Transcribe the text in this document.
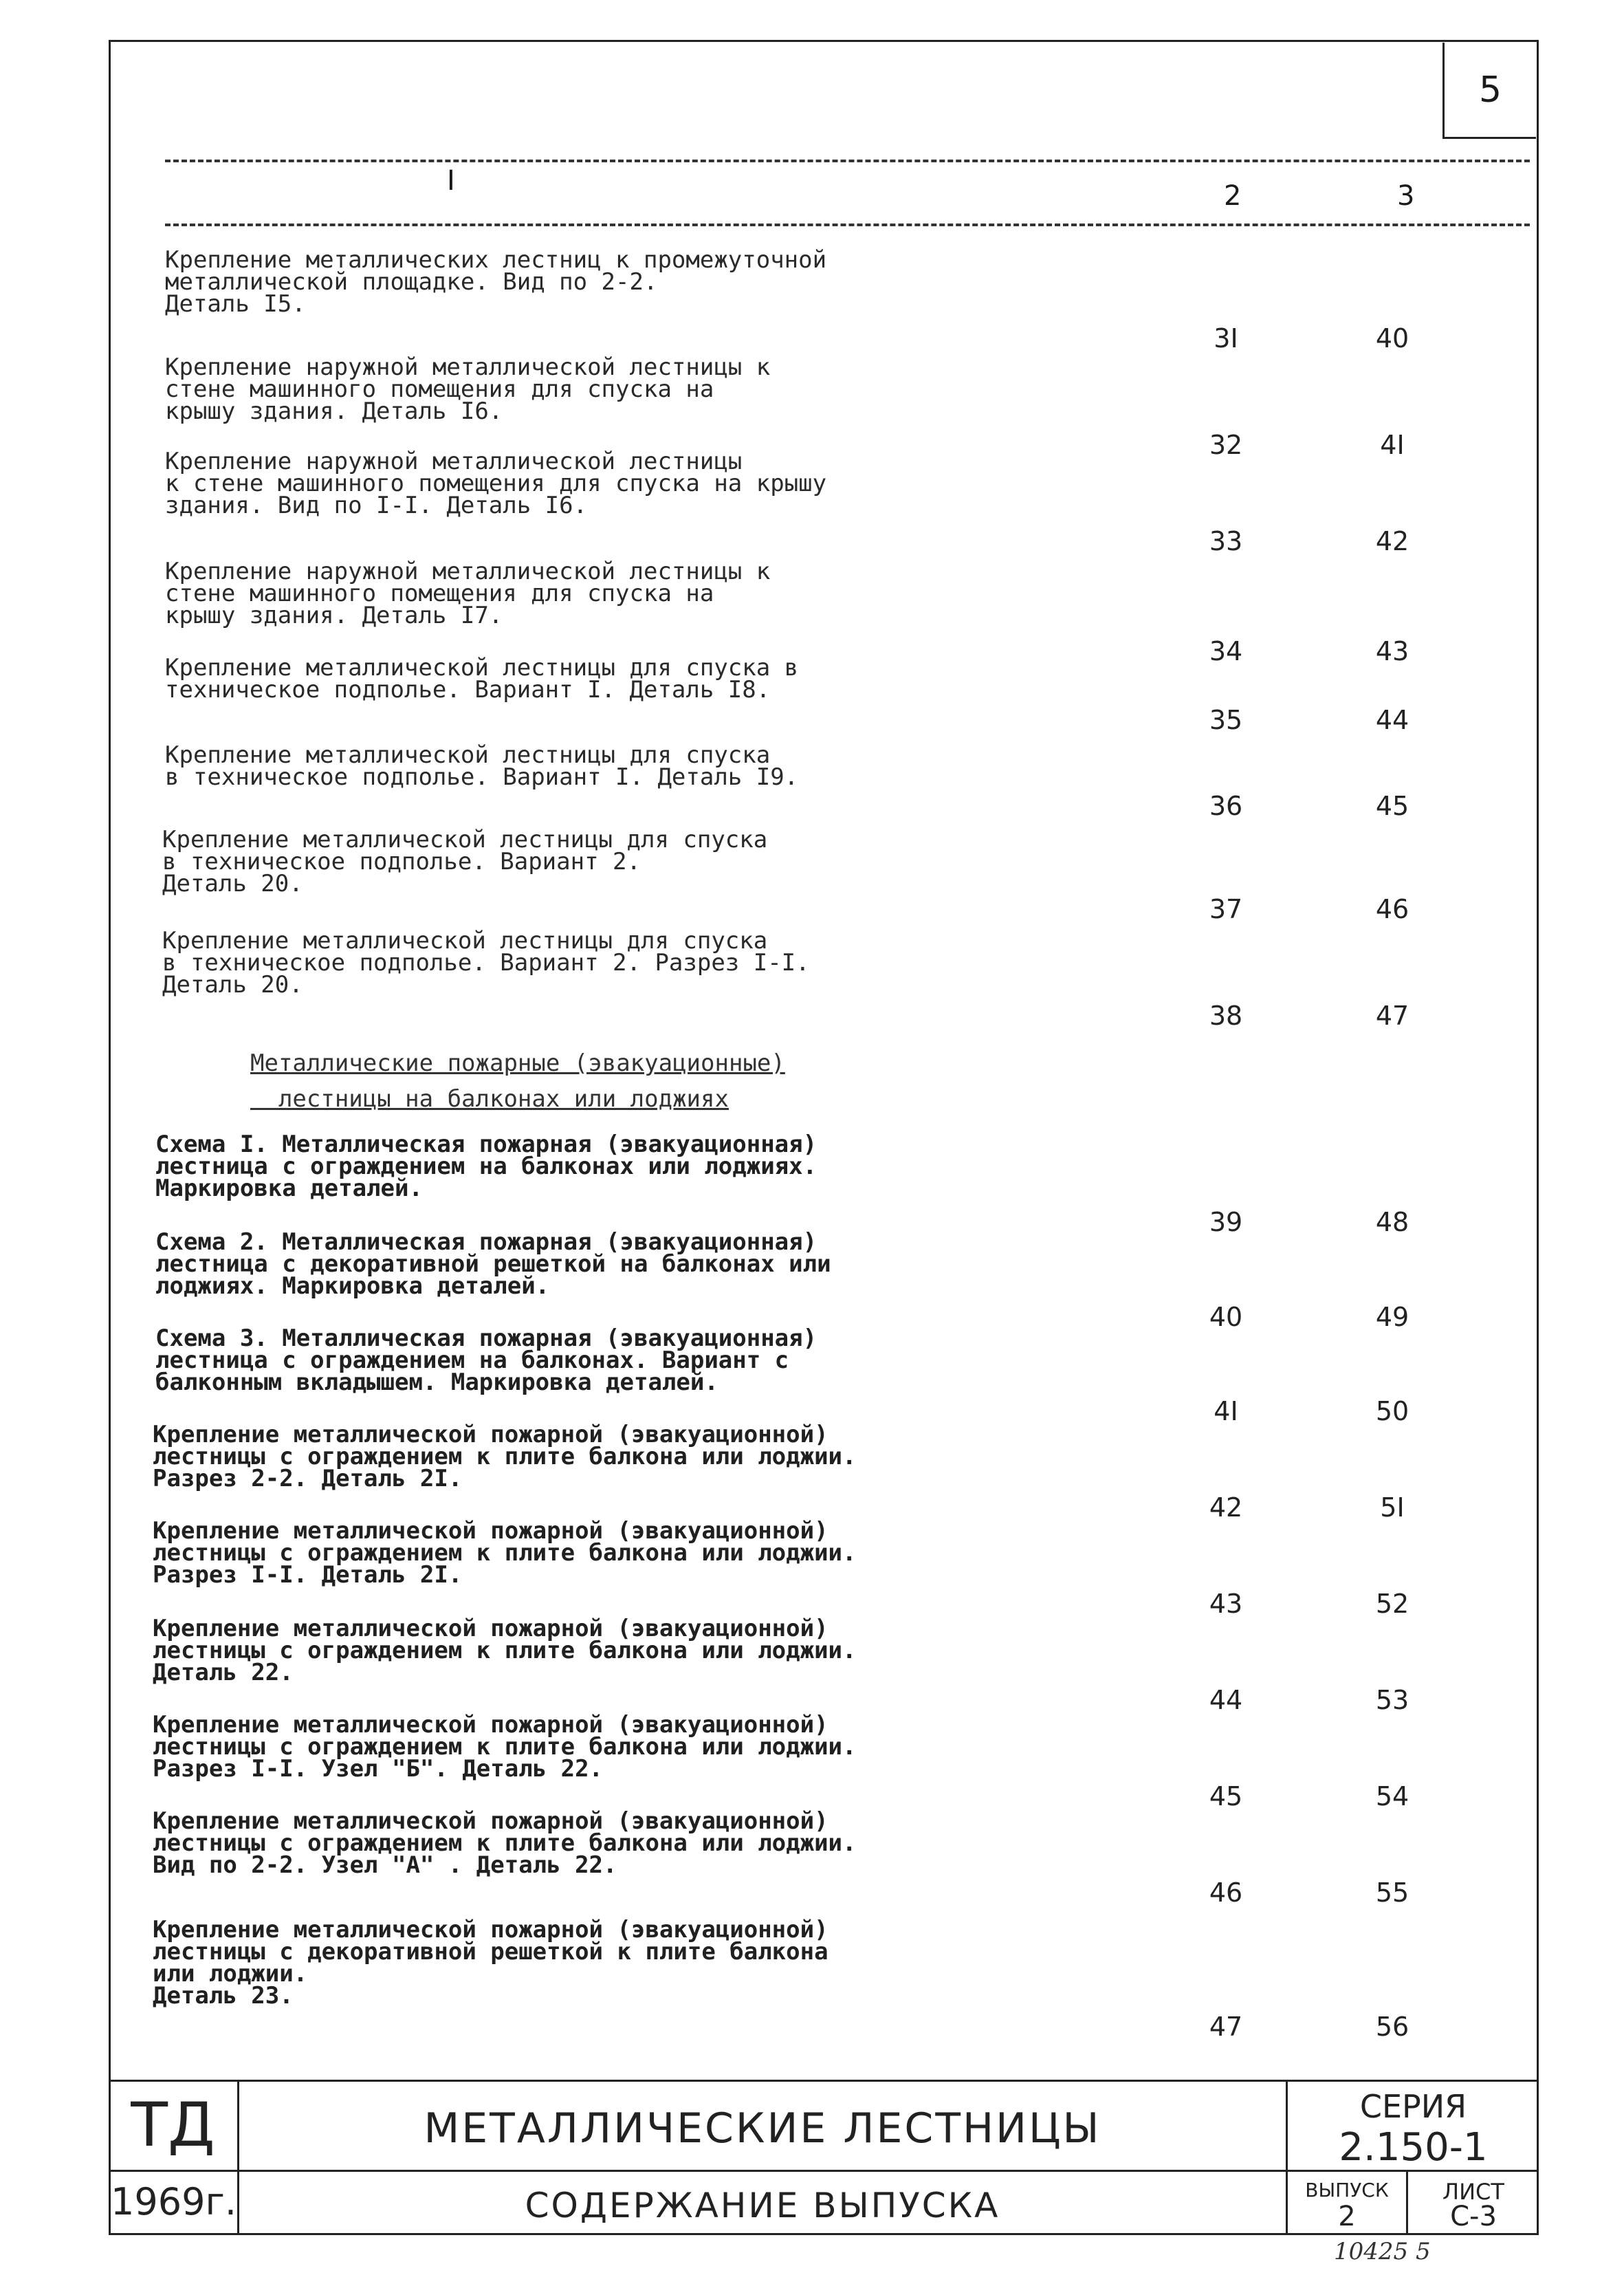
5
I	2	3
Крепление металлических лестниц к промежуточной
металлической площадке. Вид по 2-2.
Деталь I5.
3I	40
Крепление наружной металлической лестницы к
стене машинного помещения для спуска на
крышу здания. Деталь I6.
32	4I
Крепление наружной металлической лестницы
к стене машинного помещения для спуска на крышу
здания. Вид по I-I. Деталь I6.
33	42
Крепление наружной металлической лестницы к
стене машинного помещения для спуска на
крышу здания. Деталь I7.
34	43
Крепление металлической лестницы для спуска в
техническое подполье. Вариант I. Деталь I8.
35	44
Крепление металлической лестницы для спуска
в техническое подполье. Вариант I. Деталь I9.
36	45
Крепление металлической лестницы для спуска
в техническое подполье. Вариант 2.
Деталь 20.
37	46
Крепление металлической лестницы для спуска
в техническое подполье. Вариант 2. Разрез I-I.
Деталь 20.
38	47
Схема I. Металлическая пожарная (эвакуационная)
лестница с ограждением на балконах или лоджиях.
Маркировка деталей.
39	48
Схема 2. Металлическая пожарная (эвакуационная)
лестница с декоративной решеткой на балконах или
лоджиях. Маркировка деталей.
40	49
Схема 3. Металлическая пожарная (эвакуационная)
лестница с ограждением на балконах. Вариант с
балконным вкладышем. Маркировка деталей.
4I	50
Крепление металлической пожарной (эвакуационной)
лестницы с ограждением к плите балкона или лоджии.
Разрез 2-2. Деталь 2I.
42	5I
Крепление металлической пожарной (эвакуационной)
лестницы с ограждением к плите балкона или лоджии.
Разрез I-I. Деталь 2I.
43	52
Крепление металлической пожарной (эвакуационной)
лестницы с ограждением к плите балкона или лоджии.
Деталь 22.
44	53
Крепление металлической пожарной (эвакуационной)
лестницы с ограждением к плите балкона или лоджии.
Разрез I-I. Узел "Б". Деталь 22.
45	54
Крепление металлической пожарной (эвакуационной)
лестницы с ограждением к плите балкона или лоджии.
Вид по 2-2. Узел "А" . Деталь 22.
46	55
Крепление металлической пожарной (эвакуационной)
лестницы с декоративной решеткой к плите балкона
или лоджии.
Деталь 23.
47	56
Металлические пожарные (эвакуационные)
лестницы на балконах или лоджиях
ТД
1969г.
МЕТАЛЛИЧЕСКИЕ ЛЕСТНИЦЫ
СОДЕРЖАНИЕ ВЫПУСКА
СЕРИЯ
2.150-1
ВЫПУСК
2
ЛИСТ
С-3
10425 5
